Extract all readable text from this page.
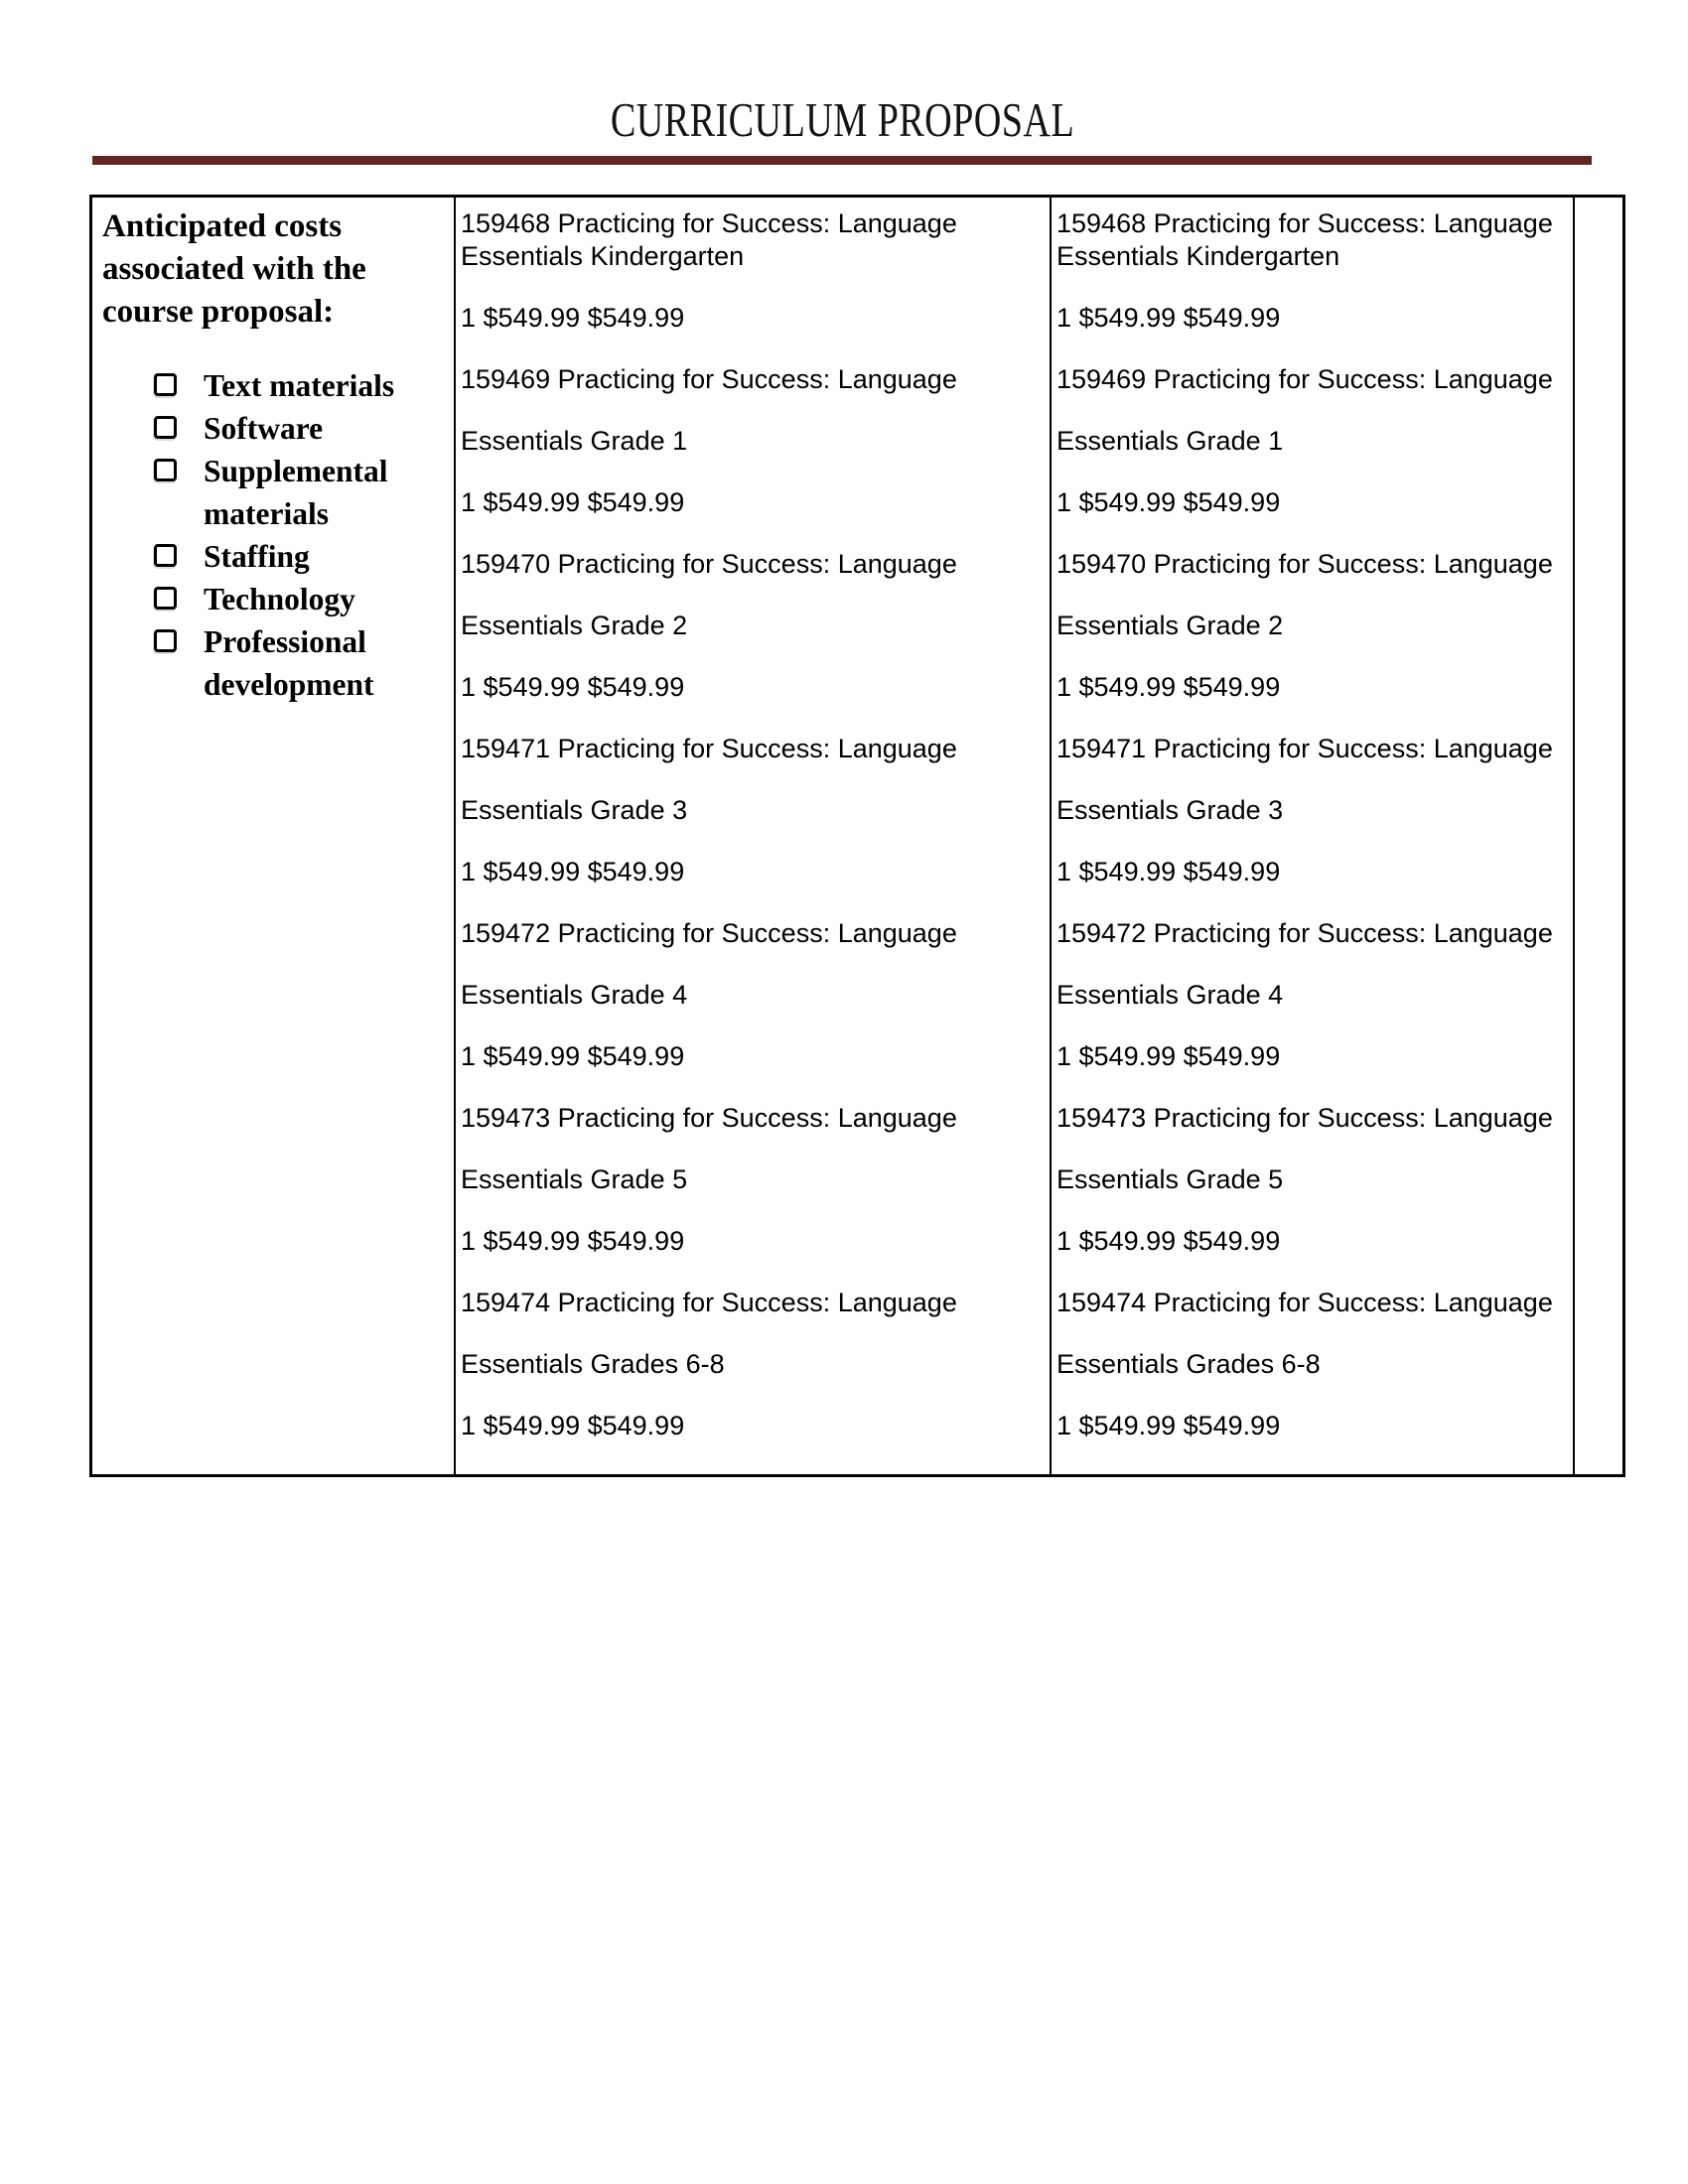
CURRICULUM PROPOSAL
Anticipated costs associated with the course proposal:
Text materials
Software
Supplemental materials
Staffing
Technology
Professional development
159468 Practicing for Success: Language
Essentials Kindergarten
1 $549.99 $549.99
159469 Practicing for Success: Language
Essentials Grade 1
1 $549.99 $549.99
159470 Practicing for Success: Language
Essentials Grade 2
1 $549.99 $549.99
159471 Practicing for Success: Language
Essentials Grade 3
1 $549.99 $549.99
159472 Practicing for Success: Language
Essentials Grade 4
1 $549.99 $549.99
159473 Practicing for Success: Language
Essentials Grade 5
1 $549.99 $549.99
159474 Practicing for Success: Language
Essentials Grades 6-8
1 $549.99 $549.99
159468 Practicing for Success: Language
Essentials Kindergarten
1 $549.99 $549.99
159469 Practicing for Success: Language
Essentials Grade 1
1 $549.99 $549.99
159470 Practicing for Success: Language
Essentials Grade 2
1 $549.99 $549.99
159471 Practicing for Success: Language
Essentials Grade 3
1 $549.99 $549.99
159472 Practicing for Success: Language
Essentials Grade 4
1 $549.99 $549.99
159473 Practicing for Success: Language
Essentials Grade 5
1 $549.99 $549.99
159474 Practicing for Success: Language
Essentials Grades 6-8
1 $549.99 $549.99
